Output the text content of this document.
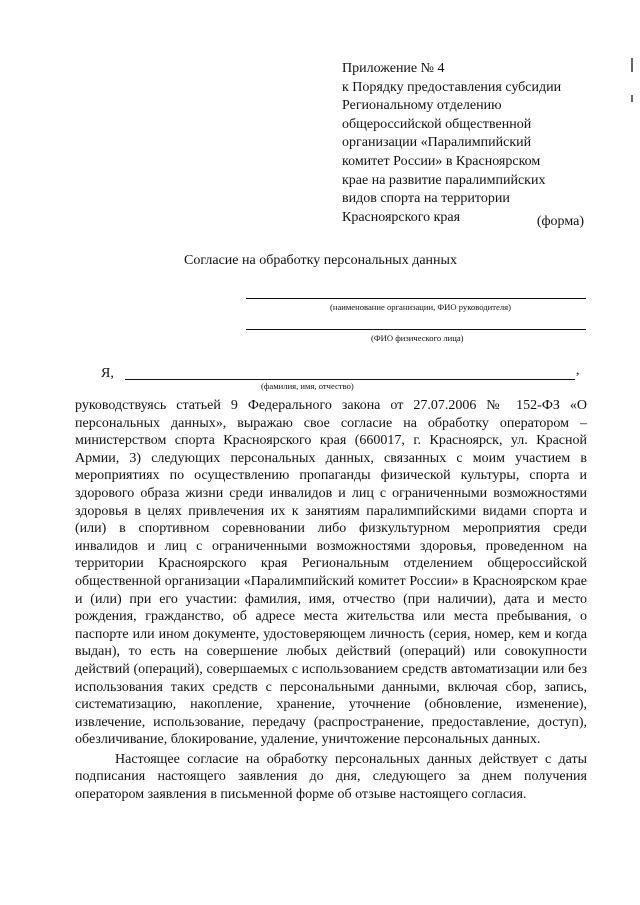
Приложение № 4
к Порядку предоставления субсидии
Региональному отделению
общероссийской общественной
организации «Паралимпийский
комитет России» в Красноярском
крае на развитие паралимпийских
видов спорта на территории
Красноярского края	(форма)
Согласие на обработку персональных данных
(наименование организации, ФИО руководителя)
(ФИО физического лица)
Я,	,
(фамилия, имя, отчество)

руководствуясь статьей 9 Федерального закона от 27.07.2006 № 152-ФЗ «О персональных данных», выражаю свое согласие на обработку оператором – министерством спорта Красноярского края (660017, г. Красноярск, ул. Красной Армии, 3) следующих персональных данных, связанных с моим участием в мероприятиях по осуществлению пропаганды физической культуры, спорта и здорового образа жизни среди инвалидов и лиц с ограниченными возможностями здоровья в целях привлечения их к занятиям паралимпийскими видами спорта и (или) в спортивном соревновании либо физкультурном мероприятия среди инвалидов и лиц с ограниченными возможностями здоровья, проведенном на территории Красноярского края Региональным отделением общероссийской общественной организации «Паралимпийский комитет России» в Красноярском крае и (или) при его участии: фамилия, имя, отчество (при наличии), дата и место рождения, гражданство, об адресе места жительства или места пребывания, о паспорте или ином документе, удостоверяющем личность (серия, номер, кем и когда выдан), то есть на совершение любых действий (операций) или совокупности действий (операций), совершаемых с использованием средств автоматизации или без использования таких средств с персональными данными, включая сбор, запись, систематизацию, накопление, хранение, уточнение (обновление, изменение), извлечение, использование, передачу (распространение, предоставление, доступ), обезличивание, блокирование, удаление, уничтожение персональных данных.

Настоящее согласие на обработку персональных данных действует с даты подписания настоящего заявления до дня, следующего за днем получения оператором заявления в письменной форме об отзыве настоящего согласия.
